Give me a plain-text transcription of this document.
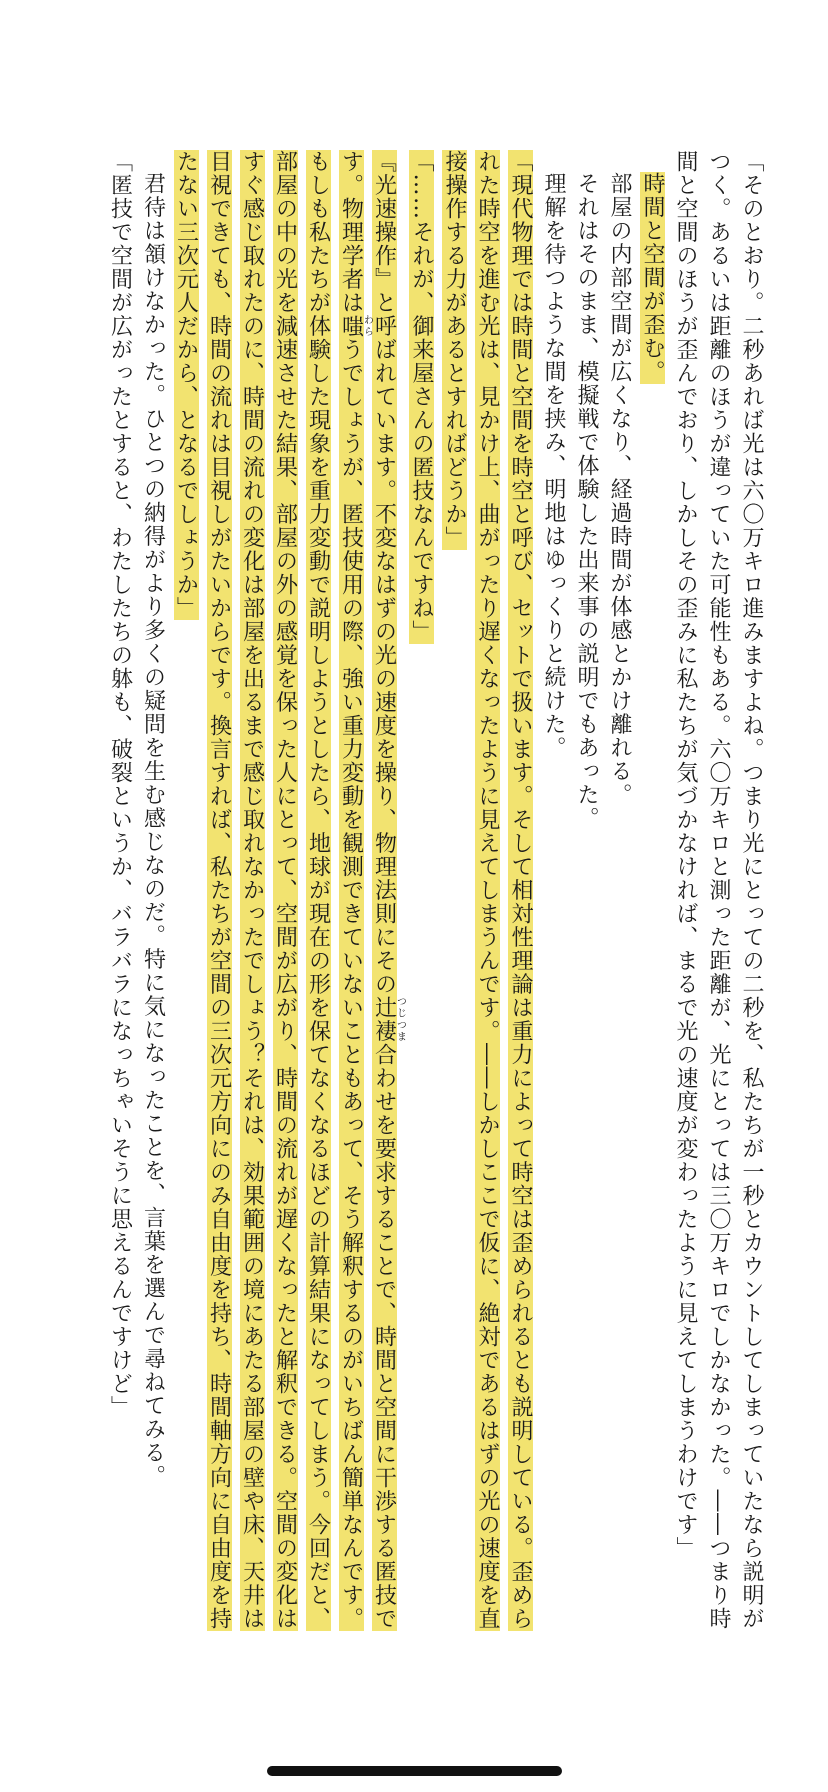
「そのとおり。二秒あれば光は六〇万キロ進みますよね。つまり光にとっての二秒を、私たちが一秒とカウントしてしまっていたなら説明がつく。あるいは距離のほうが違っていた可能性もある。六〇万キロと測った距離が、光にとっては三〇万キロでしかなかった。――つまり時間と空間のほうが歪んでおり、しかしその歪みに私たちが気づかなければ、まるで光の速度が変わったように見えてしまうわけです」

時間と空間が歪む。

部屋の内部空間が広くなり、経過時間が体感とかけ離れる。

それはそのまま、模擬戦で体験した出来事の説明でもあった。

理解を待つような間を挟み、明地はゆっくりと続けた。

「現代物理では時間と空間を時空と呼び、セットで扱います。そして相対性理論は重力によって時空は歪められるとも説明している。歪められた時空を進む光は、見かけ上、曲がったり遅くなったように見えてしまうんです。――しかしここで仮に、絶対であるはずの光の速度を直接操作する力があるとすればどうか」

「……それが、御来屋さんの匿技なんですね」

『光速操作』と呼ばれています。不変なはずの光の速度を操り、物理法則にその辻褄つじつま合わせを要求することで、時間と空間に干渉する匿技です。物理学者は嗤わらうでしょうが、匿技使用の際、強い重力変動を観測できていないこともあって、そう解釈するのがいちばん簡単なんです。もしも私たちが体験した現象を重力変動で説明しようとしたら、地球が現在の形を保てなくなるほどの計算結果になってしまう。今回だと、部屋の中の光を減速させた結果、部屋の外の感覚を保った人にとって、空間が広がり、時間の流れが遅くなったと解釈できる。空間の変化はすぐ感じ取れたのに、時間の流れの変化は部屋を出るまで感じ取れなかったでしょう？それは、効果範囲の境にあたる部屋の壁や床、天井は目視できても、時間の流れは目視しがたいからです。換言すれば、私たちが空間の三次元方向にのみ自由度を持ち、時間軸方向に自由度を持たない三次元人だから、となるでしょうか」

君待は頷けなかった。ひとつの納得がより多くの疑問を生む感じなのだ。特に気になったことを、言葉を選んで尋ねてみる。

「匿技で空間が広がったとすると、わたしたちの躰も、破裂というか、バラバラになっちゃいそうに思えるんですけど」
